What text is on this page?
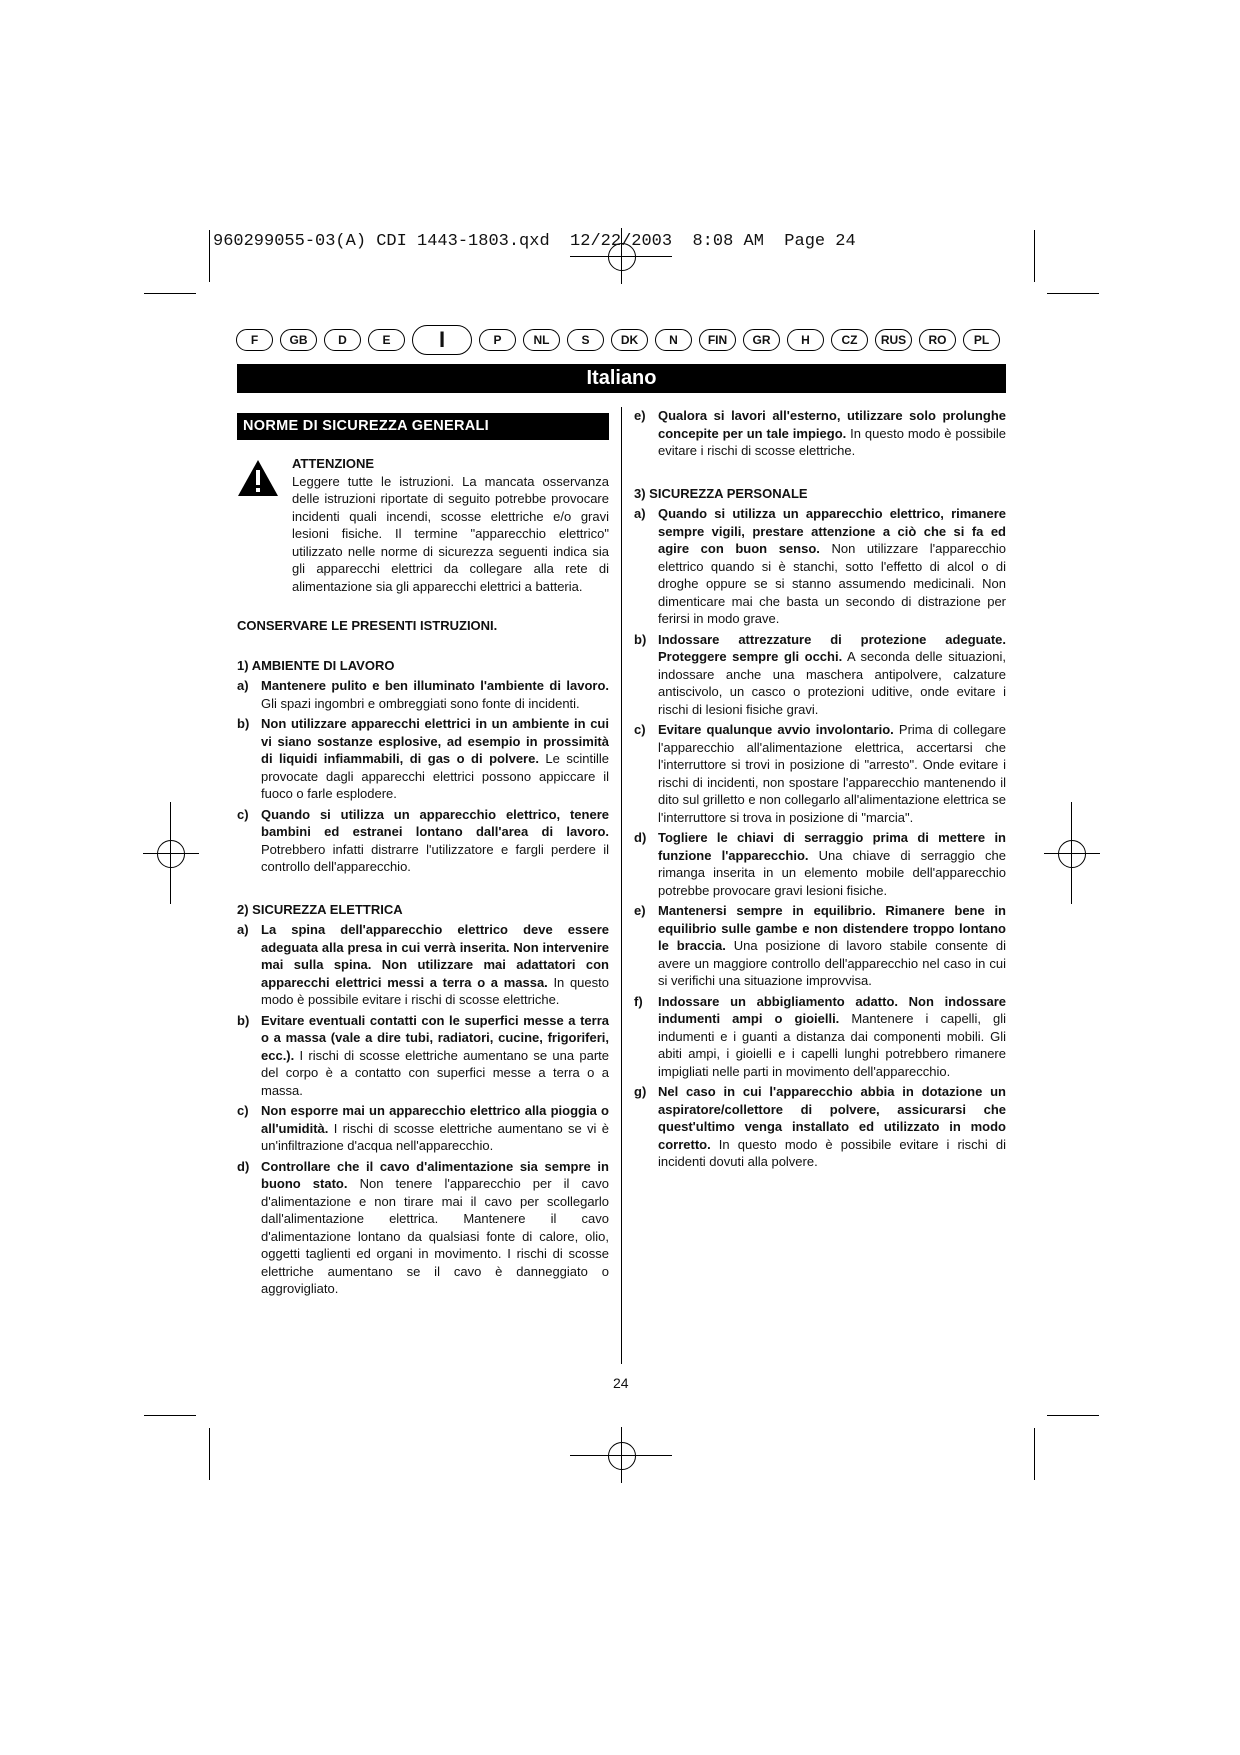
960299055-03(A) CDI 1443-1803.qxd  12/22/2003  8:08 AM  Page 24
F	GB	D	E	I	P	NL	S	DK	N	FIN	GR	H	CZ	RUS	RO	PL
Italiano
NORME DI SICUREZZA GENERALI
ATTENZIONE
Leggere tutte le istruzioni. La mancata osservanza delle istruzioni riportate di seguito potrebbe provocare incidenti quali incendi, scosse elettriche e/o gravi lesioni fisiche. Il termine "apparecchio elettrico" utilizzato nelle norme di sicurezza seguenti indica sia gli apparecchi elettrici da collegare alla rete di alimentazione sia gli apparecchi elettrici a batteria.
CONSERVARE LE PRESENTI ISTRUZIONI.
1) AMBIENTE DI LAVORO
a) Mantenere pulito e ben illuminato l'ambiente di lavoro. Gli spazi ingombri e ombreggiati sono fonte di incidenti.
b) Non utilizzare apparecchi elettrici in un ambiente in cui vi siano sostanze esplosive, ad esempio in prossimità di liquidi infiammabili, di gas o di polvere. Le scintille provocate dagli apparecchi elettrici possono appiccare il fuoco o farle esplodere.
c) Quando si utilizza un apparecchio elettrico, tenere bambini ed estranei lontano dall'area di lavoro. Potrebbero infatti distrarre l'utilizzatore e fargli perdere il controllo dell'apparecchio.
2) SICUREZZA ELETTRICA
a) La spina dell'apparecchio elettrico deve essere adeguata alla presa in cui verrà inserita. Non intervenire mai sulla spina. Non utilizzare mai adattatori con apparecchi elettrici messi a terra o a massa. In questo modo è possibile evitare i rischi di scosse elettriche.
b) Evitare eventuali contatti con le superfici messe a terra o a massa (vale a dire tubi, radiatori, cucine, frigoriferi, ecc.). I rischi di scosse elettriche aumentano se una parte del corpo è a contatto con superfici messe a terra o a massa.
c) Non esporre mai un apparecchio elettrico alla pioggia o all'umidità. I rischi di scosse elettriche aumentano se vi è un'infiltrazione d'acqua nell'apparecchio.
d) Controllare che il cavo d'alimentazione sia sempre in buono stato. Non tenere l'apparecchio per il cavo d'alimentazione e non tirare mai il cavo per scollegarlo dall'alimentazione elettrica. Mantenere il cavo d'alimentazione lontano da qualsiasi fonte di calore, olio, oggetti taglienti ed organi in movimento. I rischi di scosse elettriche aumentano se il cavo è danneggiato o aggrovigliato.
e) Qualora si lavori all'esterno, utilizzare solo prolunghe concepite per un tale impiego. In questo modo è possibile evitare i rischi di scosse elettriche.
3) SICUREZZA PERSONALE
a) Quando si utilizza un apparecchio elettrico, rimanere sempre vigili, prestare attenzione a ciò che si fa ed agire con buon senso. Non utilizzare l'apparecchio elettrico quando si è stanchi, sotto l'effetto di alcol o di droghe oppure se si stanno assumendo medicinali. Non dimenticare mai che basta un secondo di distrazione per ferirsi in modo grave.
b) Indossare attrezzature di protezione adeguate. Proteggere sempre gli occhi. A seconda delle situazioni, indossare anche una maschera antipolvere, calzature antiscivolo, un casco o protezioni uditive, onde evitare i rischi di lesioni fisiche gravi.
c) Evitare qualunque avvio involontario. Prima di collegare l'apparecchio all'alimentazione elettrica, accertarsi che l'interruttore si trovi in posizione di "arresto". Onde evitare i rischi di incidenti, non spostare l'apparecchio mantenendo il dito sul grilletto e non collegarlo all'alimentazione elettrica se l'interruttore si trova in posizione di "marcia".
d) Togliere le chiavi di serraggio prima di mettere in funzione l'apparecchio. Una chiave di serraggio che rimanga inserita in un elemento mobile dell'apparecchio potrebbe provocare gravi lesioni fisiche.
e) Mantenersi sempre in equilibrio. Rimanere bene in equilibrio sulle gambe e non distendere troppo lontano le braccia. Una posizione di lavoro stabile consente di avere un maggiore controllo dell'apparecchio nel caso in cui si verifichi una situazione improvvisa.
f) Indossare un abbigliamento adatto. Non indossare indumenti ampi o gioielli. Mantenere i capelli, gli indumenti e i guanti a distanza dai componenti mobili. Gli abiti ampi, i gioielli e i capelli lunghi potrebbero rimanere impigliati nelle parti in movimento dell'apparecchio.
g) Nel caso in cui l'apparecchio abbia in dotazione un aspiratore/collettore di polvere, assicurarsi che quest'ultimo venga installato ed utilizzato in modo corretto. In questo modo è possibile evitare i rischi di incidenti dovuti alla polvere.
24
